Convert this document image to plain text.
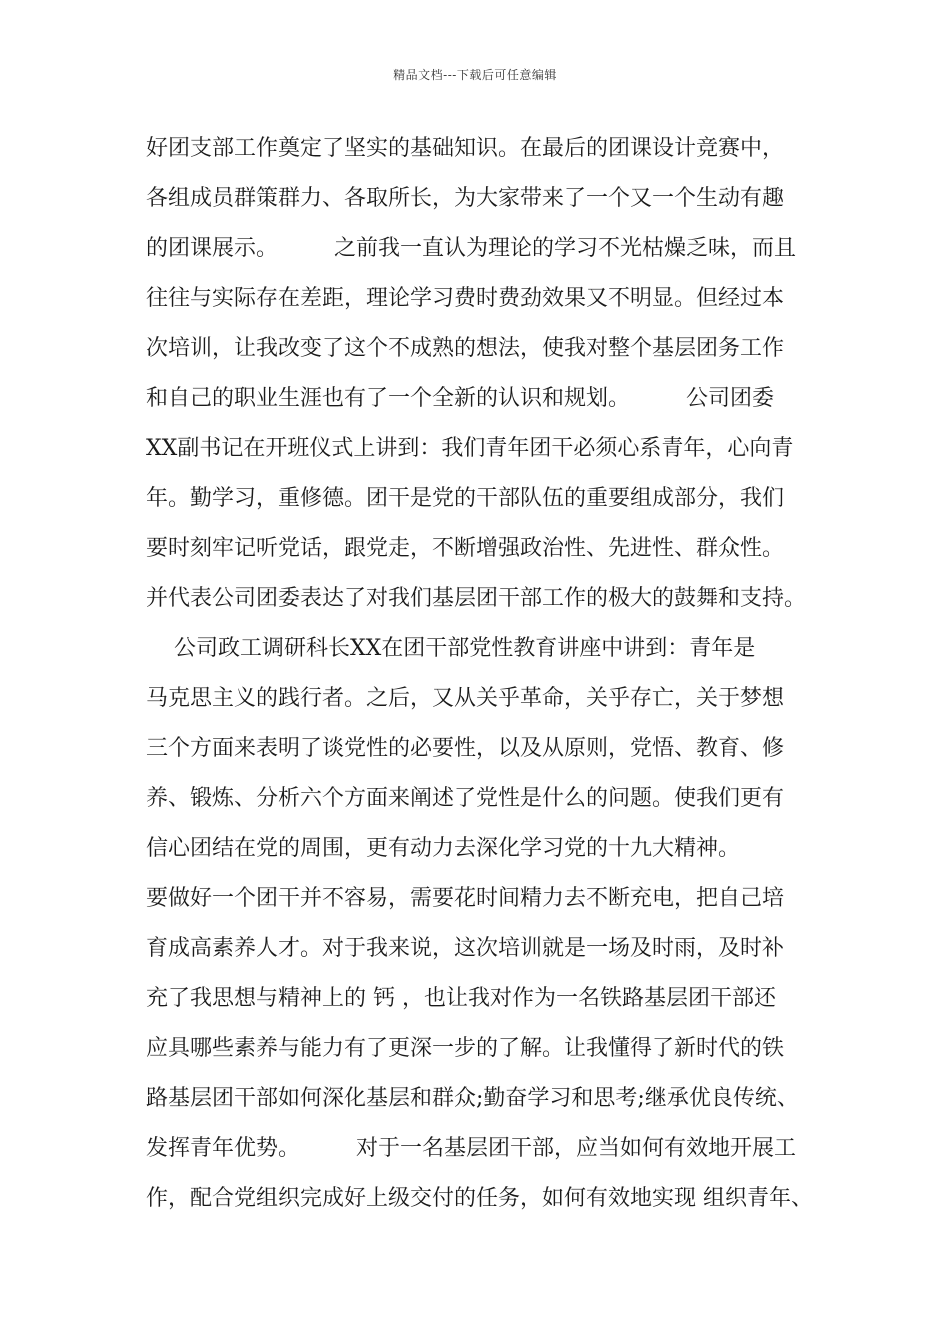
精品文档---下载后可任意编辑
好团支部工作奠定了坚实的基础知识。在最后的团课设计竞赛中，
各组成员群策群力、各取所长，为大家带来了一个又一个生动有趣
的团课展示。        之前我一直认为理论的学习不光枯燥乏味，而且
往往与实际存在差距，理论学习费时费劲效果又不明显。但经过本
次培训，让我改变了这个不成熟的想法，使我对整个基层团务工作
和自己的职业生涯也有了一个全新的认识和规划。        公司团委
XX副书记在开班仪式上讲到：我们青年团干必须心系青年，心向青
年。勤学习，重修德。团干是党的干部队伍的重要组成部分，我们
要时刻牢记听党话，跟党走，不断增强政治性、先进性、群众性。
并代表公司团委表达了对我们基层团干部工作的极大的鼓舞和支持。
公司政工调研科长XX在团干部党性教育讲座中讲到：青年是
马克思主义的践行者。之后，又从关乎革命，关乎存亡，关于梦想
三个方面来表明了谈党性的必要性，以及从原则，党悟、教育、修
养、锻炼、分析六个方面来阐述了党性是什么的问题。使我们更有
信心团结在党的周围，更有动力去深化学习党的十九大精神。
要做好一个团干并不容易，需要花时间精力去不断充电，把自己培
育成高素养人才。对于我来说，这次培训就是一场及时雨，及时补
充了我思想与精神上的 钙 ，也让我对作为一名铁路基层团干部还
应具哪些素养与能力有了更深一步的了解。让我懂得了新时代的铁
路基层团干部如何深化基层和群众;勤奋学习和思考;继承优良传统、
发挥青年优势。        对于一名基层团干部，应当如何有效地开展工
作，配合党组织完成好上级交付的任务，如何有效地实现 组织青年、
